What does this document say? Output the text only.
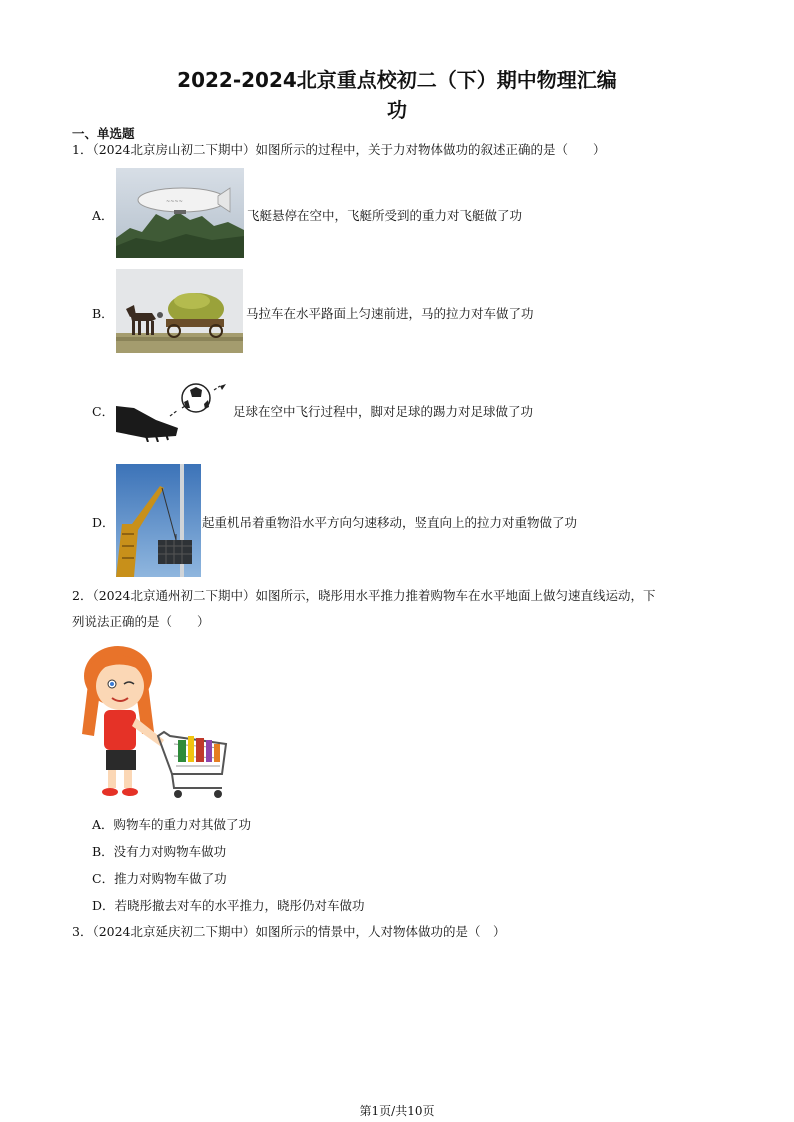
2022-2024北京重点校初二（下）期中物理汇编
功
一、单选题
1．（2024北京房山初二下期中）如图所示的过程中，关于力对物体做功的叙述正确的是（　　）
A．
~~~~
飞艇悬停在空中，飞艇所受到的重力对飞艇做了功
B．	马拉车在水平路面上匀速前进，马的拉力对车做了功
C．	足球在空中飞行过程中，脚对足球的踢力对足球做了功
D．	起重机吊着重物沿水平方向匀速移动，竖直向上的拉力对重物做了功
2．（2024北京通州初二下期中）如图所示，晓彤用水平推力推着购物车在水平地面上做匀速直线运动，下
列说法正确的是（　　）
A．购物车的重力对其做了功
B．没有力对购物车做功
C．推力对购物车做了功
D．若晓彤撤去对车的水平推力，晓彤仍对车做功
3．（2024北京延庆初二下期中）如图所示的情景中，人对物体做功的是（　）
第1页/共10页
